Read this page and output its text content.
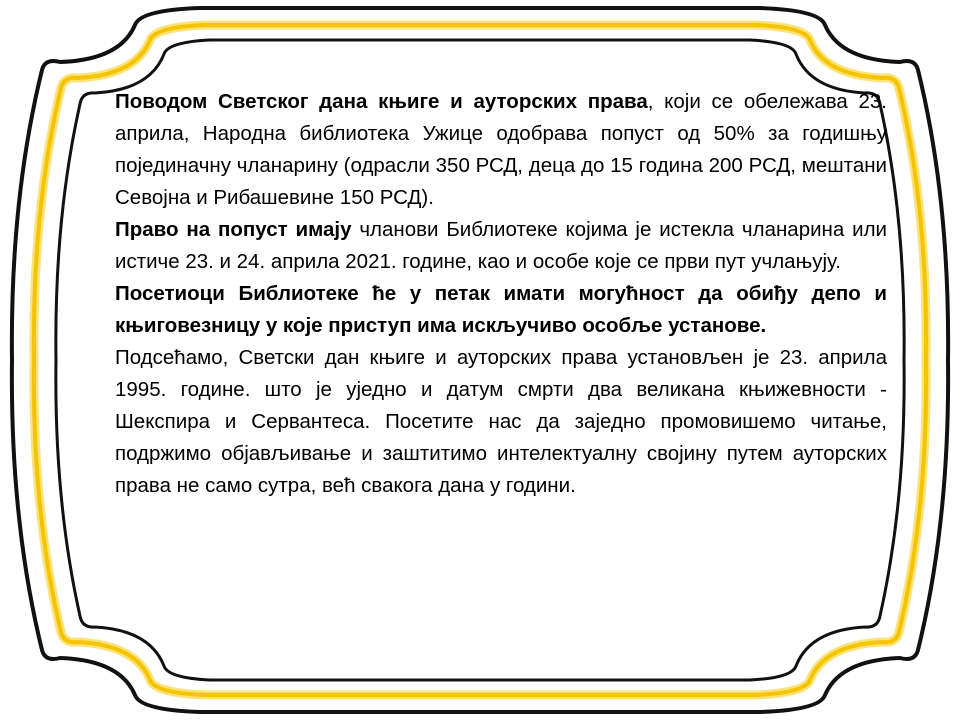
Поводом Светског дана књиге и ауторских права, који се обележава 23. априла, Народна библиотека Ужице одобрава попуст од 50% за годишњу појединачну чланарину (одрасли 350 РСД, деца до 15 година 200 РСД, мештани Севојна и Рибашевине 150 РСД).

Право на попуст имају чланови Библиотеке којима је истекла чланарина или истиче 23. и 24. априла 2021. године, као и особе које се први пут учлањују.

Посетиоци Библиотеке ће у петак имати могућност да обиђу депо и књиговезницу у које приступ има искључиво особље установе.

Подсећамо, Светски дан књиге и ауторских права установљен је 23. априла 1995. године. што је уједно и датум смрти два великана књижевности - Шекспира и Сервантеса. Посетите нас да заједно промовишемо читање, подржимо објављивање и заштитимо интелектуалну својину путем ауторских права не само сутра, већ свакога дана у години.
